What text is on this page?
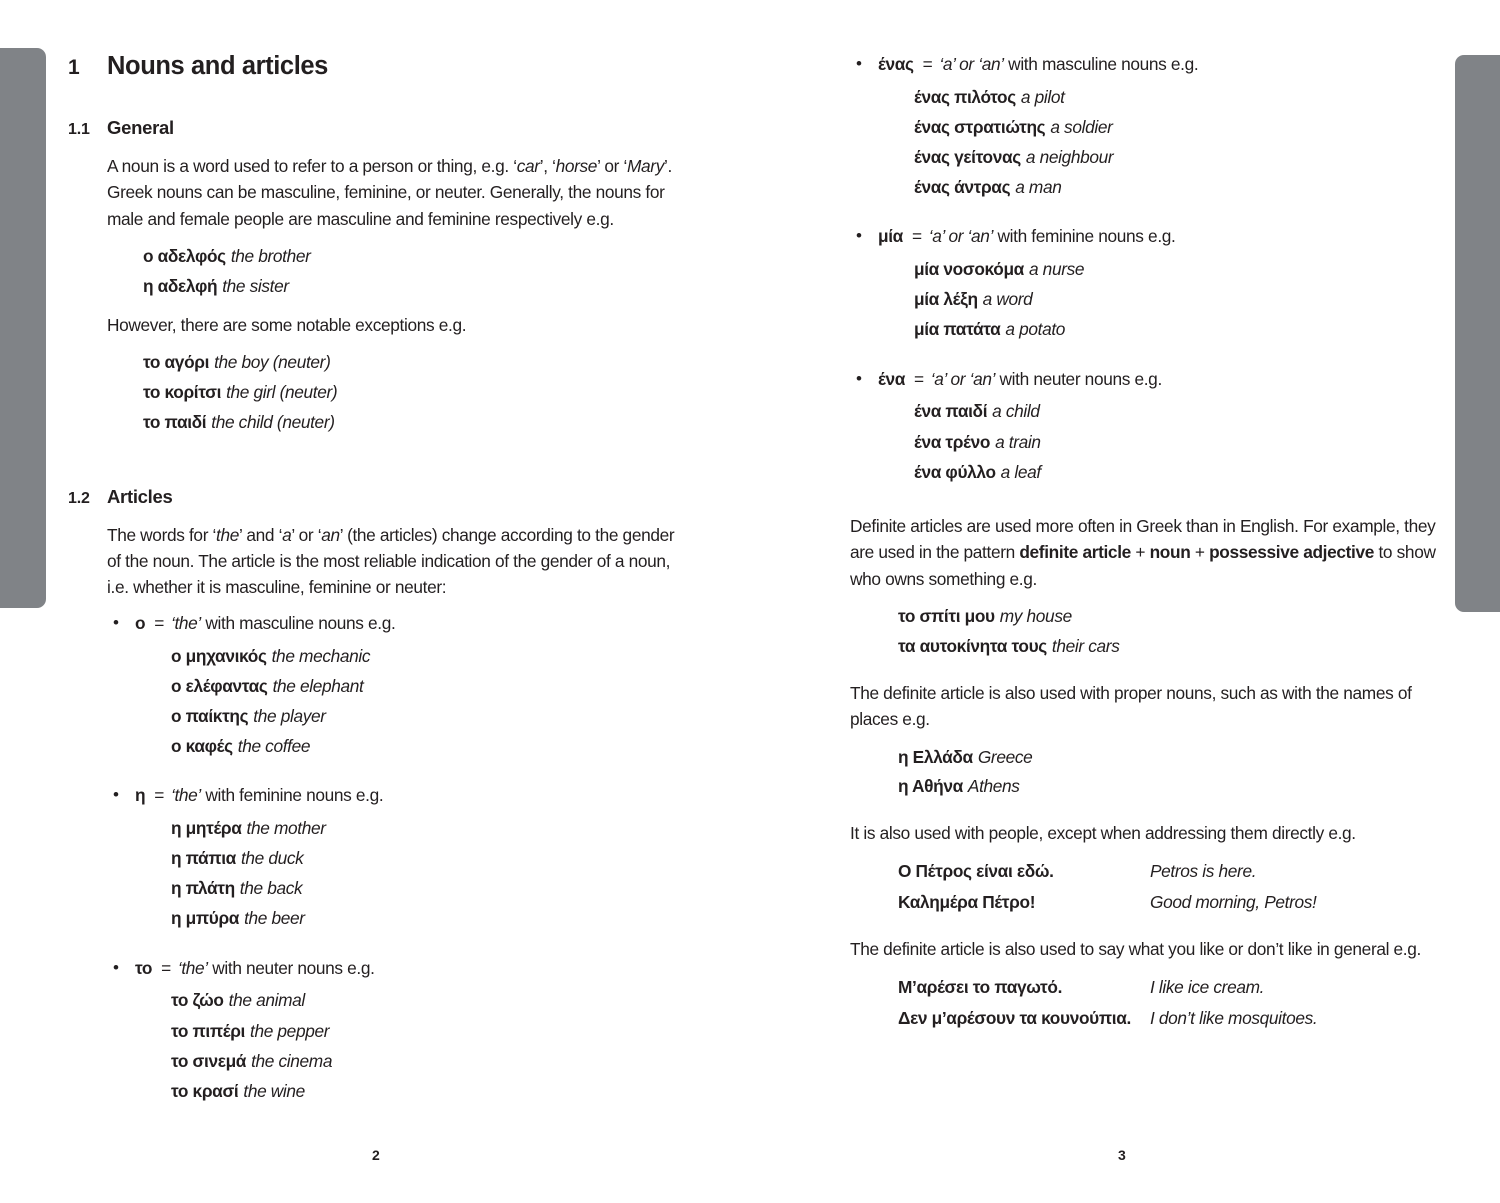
1	Nouns and articles
1.1 General

A noun is a word used to refer to a person or thing, e.g. ‘car’, ‘horse’ or ‘Mary’. Greek nouns can be masculine, feminine, or neuter. Generally, the nouns for male and female people are masculine and feminine respectively e.g.

ο αδελφός the brother
η αδελφή the sister

However, there are some notable exceptions e.g.

το αγόρι the boy (neuter)
το κορίτσι the girl (neuter)
το παιδί the child (neuter)
1.2 Articles

The words for ‘the’ and ‘a’ or ‘an’ (the articles) change according to the gender of the noun. The article is the most reliable indication of the gender of a noun, i.e. whether it is masculine, feminine or neuter:

• ο = ‘the’ with masculine nouns e.g.
ο μηχανικός the mechanic
ο ελέφαντας the elephant
ο παίκτης the player
ο καφές the coffee
• η = ‘the’ with feminine nouns e.g.
η μητέρα the mother
η πάπια the duck
η πλάτη the back
η μπύρα the beer
• το = ‘the’ with neuter nouns e.g.
το ζώο the animal
το πιπέρι the pepper
το σινεμά the cinema
το κρασί the wine
2
• ένας = ‘a’ or ‘an’ with masculine nouns e.g.
ένας πιλότος a pilot
ένας στρατιώτης a soldier
ένας γείτονας a neighbour
ένας άντρας a man
• μία = ‘a’ or ‘an’ with feminine nouns e.g.
μία νοσοκόμα a nurse
μία λέξη a word
μία πατάτα a potato
• ένα = ‘a’ or ‘an’ with neuter nouns e.g.
ένα παιδί a child
ένα τρένο a train
ένα φύλλο a leaf

Definite articles are used more often in Greek than in English. For example, they are used in the pattern definite article + noun + possessive adjective to show who owns something e.g.

το σπίτι μου my house
τα αυτοκίνητα τους their cars

The definite article is also used with proper nouns, such as with the names of places e.g.

η Ελλάδα Greece
η Αθήνα Athens

It is also used with people, except when addressing them directly e.g.

Ο Πέτρος είναι εδώ.	Petros is here.
Καλημέρα Πέτρο!	Good morning, Petros!

The definite article is also used to say what you like or don’t like in general e.g.

Μ’αρέσει το παγωτό.	I like ice cream.
Δεν μ’αρέσουν τα κουνούπια.	I don’t like mosquitoes.
3
